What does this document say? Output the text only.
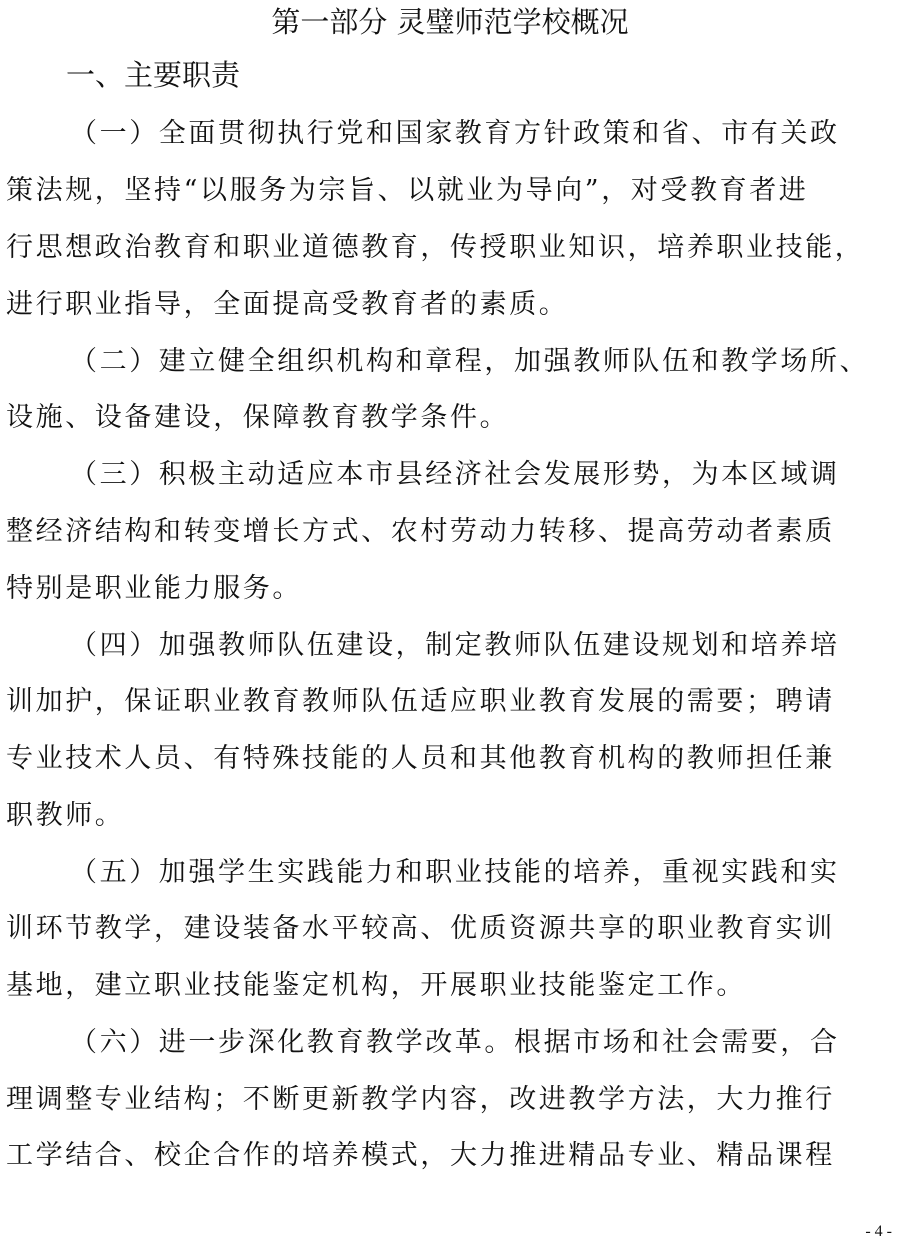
第一部分 灵璧师范学校概况
一、主要职责
（一）全面贯彻执行党和国家教育方针政策和省、市有关政
策法规，坚持“以服务为宗旨、以就业为导向”，对受教育者进
行思想政治教育和职业道德教育，传授职业知识，培养职业技能，
进行职业指导，全面提高受教育者的素质。
（二）建立健全组织机构和章程，加强教师队伍和教学场所、
设施、设备建设，保障教育教学条件。
（三）积极主动适应本市县经济社会发展形势，为本区域调
整经济结构和转变增长方式、农村劳动力转移、提高劳动者素质
特别是职业能力服务。
（四）加强教师队伍建设，制定教师队伍建设规划和培养培
训加护，保证职业教育教师队伍适应职业教育发展的需要；聘请
专业技术人员、有特殊技能的人员和其他教育机构的教师担任兼
职教师。
（五）加强学生实践能力和职业技能的培养，重视实践和实
训环节教学，建设装备水平较高、优质资源共享的职业教育实训
基地，建立职业技能鉴定机构，开展职业技能鉴定工作。
（六）进一步深化教育教学改革。根据市场和社会需要，合
理调整专业结构；不断更新教学内容，改进教学方法，大力推行
工学结合、校企合作的培养模式，大力推进精品专业、精品课程
- 4 -
